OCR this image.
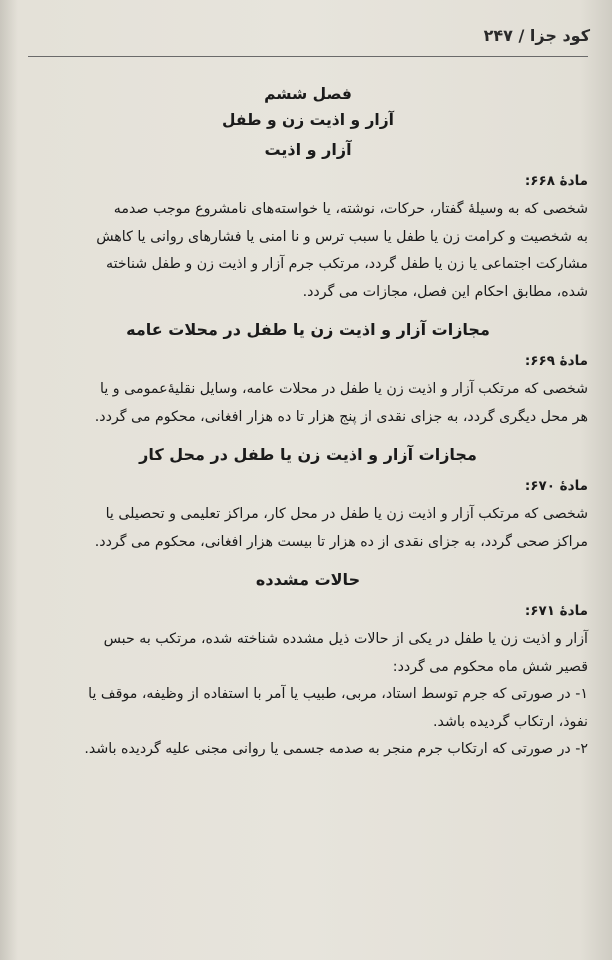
کود جزا / ۲۴۷

فصل ششم

آزار و اذیت زن و طفل

آزار و اذیت
مادهٔ ۶۶۸:

شخصی که به وسیلهٔ گفتار، حرکات، نوشته، یا خواسته‌های نامشروع موجب صدمه

به شخصیت و کرامت زن یا طفل یا سبب ترس و نا امنی یا فشارهای روانی یا کاهش

مشارکت اجتماعی یا زن یا طفل گردد، مرتکب جرم آزار و اذیت زن و طفل شناخته

شده، مطابق احکام این فصل، مجازات می گردد.

مجازات آزار و اذیت زن یا طفل در محلات عامه
مادهٔ ۶۶۹:

شخصی که مرتکب آزار و اذیت زن یا طفل در محلات عامه، وسایل نقلیهٔ‌عمومی و یا

هر محل دیگری گردد، به جزای نقدی از پنج هزار تا ده هزار افغانی، محکوم می گردد.

مجازات آزار و اذیت زن یا طفل در محل کار
مادهٔ ۶۷۰:

شخصی که مرتکب آزار و اذیت زن یا طفل در محل کار، مراکز تعلیمی و تحصیلی یا

مراکز صحی گردد، به جزای نقدی از ده هزار تا بیست هزار افغانی، محکوم می گردد.

حالات مشدده
مادهٔ ۶۷۱:

آزار و اذیت زن یا طفل در یکی از حالات ذیل مشدده شناخته شده، مرتکب به حبس

قصیر شش ماه محکوم می گردد:

۱- در صورتی که جرم توسط استاد، مربی، طبیب یا آمر با استفاده از وظیفه، موقف یا

نفوذ، ارتکاب گردیده باشد.

۲- در صورتی که ارتکاب جرم منجر به صدمه جسمی یا روانی مجنی علیه گردیده باشد.
